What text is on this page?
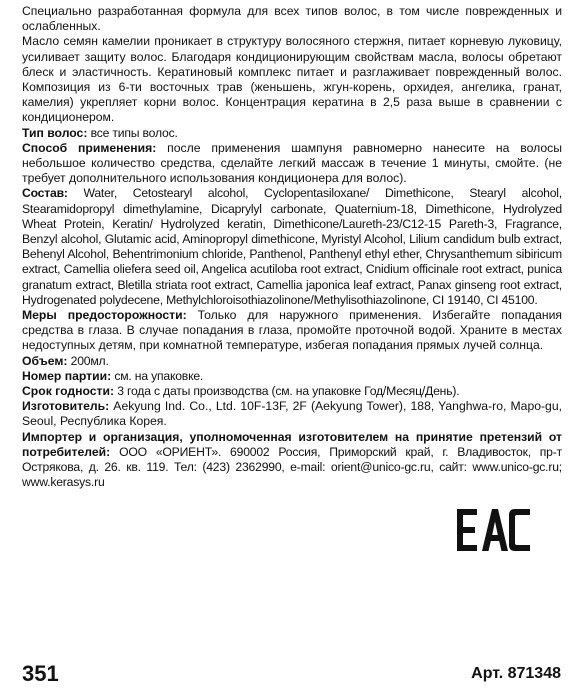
Специально разработанная формула для всех типов волос, в том числе поврежденных и ослабленных.

Масло семян камелии проникает в структуру волосяного стержня, питает корневую луковицу, усиливает защиту волос. Благодаря кондиционирующим свойствам масла, волосы обретают блеск и эластичность. Кератиновый комплекс питает и разглаживает поврежденный волос. Композиция из 6-ти восточных трав (женьшень, жгун-корень, орхидея, ангелика, гранат, камелия) укрепляет корни волос. Концентрация кератина в 2,5 раза выше в сравнении с кондиционером.

Тип волос: все типы волос.

Способ применения: после применения шампуня равномерно нанесите на волосы небольшое количество средства, сделайте легкий массаж в течение 1 минуты, смойте. (не требует дополнительного использования кондиционера для волос).

Состав: Water, Cetostearyl alcohol, Cyclopentasiloxane/ Dimethicone, Stearyl alcohol, Stearamidopropyl dimethylamine, Dicaprylyl carbonate, Quaternium-18, Dimethicone, Hydrolyzed Wheat Protein, Keratin/ Hydrolyzed keratin, Dimethicone/Laureth-23/C12-15 Pareth-3, Fragrance, Benzyl alcohol, Glutamic acid, Aminopropyl dimethicone, Myristyl Alcohol, Lilium candidum bulb extract, Behenyl Alcohol, Behentrimonium chloride, Panthenol, Panthenyl ethyl ether, Chrysanthemum sibiricum extract, Camellia oliefera seed oil, Angelica acutiloba root extract, Cnidium officinale root extract, punica granatum extract, Bletilla striata root extract, Camellia japonica leaf extract, Panax ginseng root extract, Hydrogenated polydecene, Methylchloroisothiazolinone/Methylisothiazolinone, CI 19140, CI 45100.

Меры предосторожности: Только для наружного применения. Избегайте попадания средства в глаза. В случае попадания в глаза, промойте проточной водой. Храните в местах недоступных детям, при комнатной температуре, избегая попадания прямых лучей солнца.

Объем: 200мл.

Номер партии: см. на упаковке.

Срок годности: 3 года с даты производства (см. на упаковке Год/Месяц/День).

Изготовитель: Aekyung Ind. Co., Ltd. 10F-13F, 2F (Aekyung Tower), 188, Yanghwa-ro, Mapo-gu, Seoul, Республика Корея.

Импортер и организация, уполномоченная изготовителем на принятие претензий от потребителей: ООО «ОРИЕНТ». 690002 Россия, Приморский край, г. Владивосток, пр-т Острякова, д. 26. кв. 119. Тел: (423) 2362990, e-mail: orient@unico-gc.ru, сайт: www.unico-gc.ru; www.kerasys.ru

351	Арт. 871348
